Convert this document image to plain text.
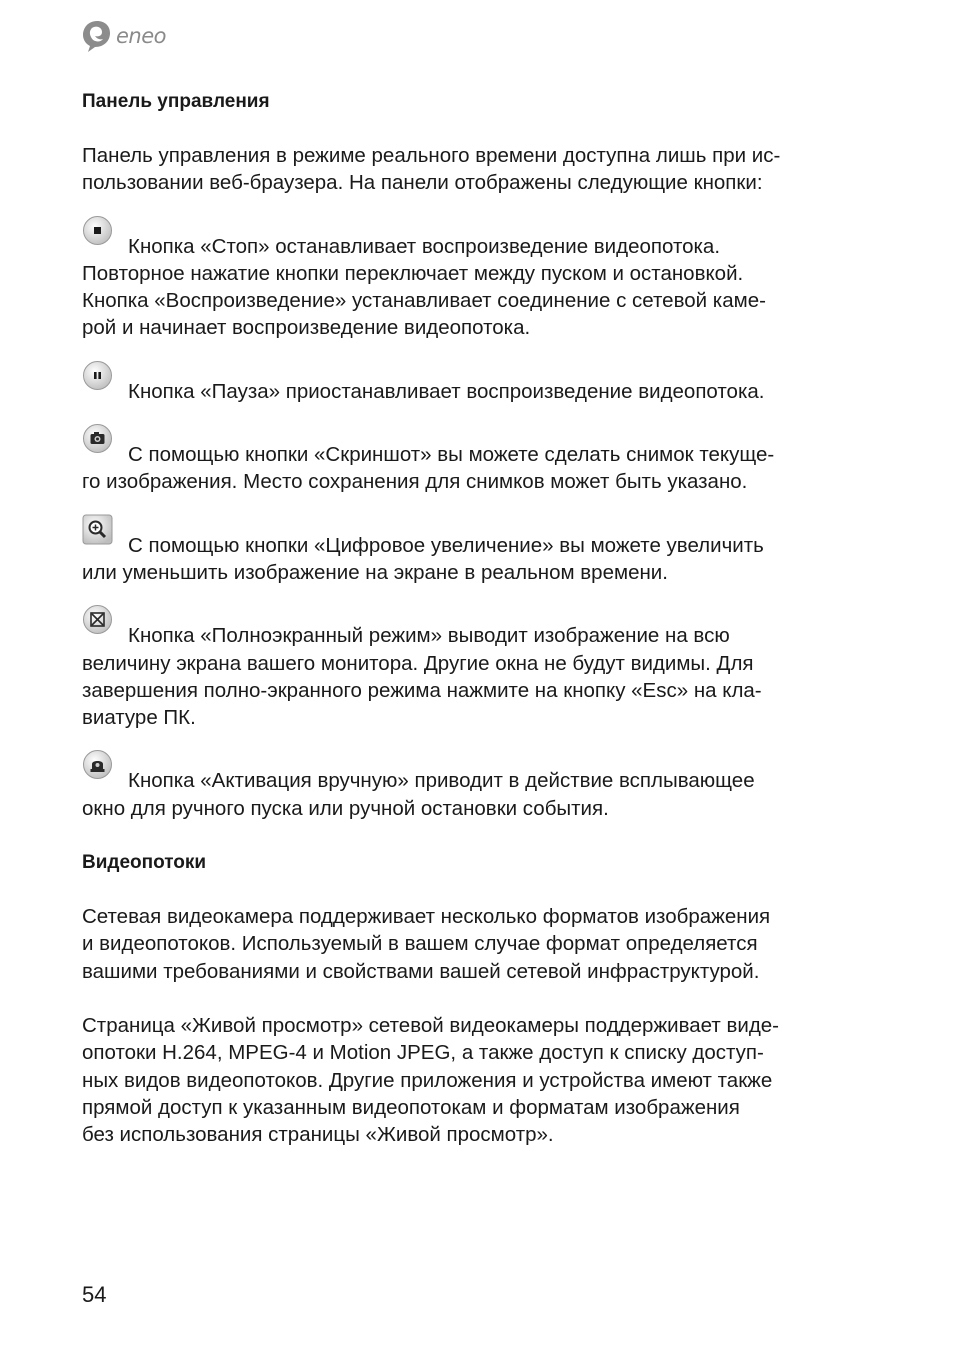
eneo
Панель управления

Панель управления в режиме реального времени доступна лишь при ис-
пользовании веб-браузера. На панели отображены следующие кнопки:

Кнопка «Стоп» останавливает воспроизведение видеопотока.
Повторное нажатие кнопки переключает между пуском и остановкой.
Кнопка «Воспроизведение» устанавливает соединение с сетевой каме-
рой и начинает воспроизведение видеопотока.

Кнопка «Пауза» приостанавливает воспроизведение видеопотока.

С помощью кнопки «Скриншот» вы можете сделать снимок текуще-
го изображения. Место сохранения для снимков может быть указано.

С помощью кнопки «Цифровое увеличение» вы можете увеличить
или уменьшить изображение на экране в реальном времени.

Кнопка «Полноэкранный режим» выводит изображение на всю
величину экрана вашего монитора. Другие окна не будут видимы. Для
завершения полно-экранного режима нажмите на кнопку «Esc» на кла-
виатуре ПК.

Кнопка «Активация вручную» приводит в действие всплывающее
окно для ручного пуска или ручной остановки события.

Видеопотоки

Сетевая видеокамера поддерживает несколько форматов изображения
и видеопотоков. Используемый в вашем случае формат определяется
вашими требованиями и свойствами вашей сетевой инфраструктурой.

Страница «Живой просмотр» сетевой видеокамеры поддерживает виде-
опотоки H.264, MPEG-4 и Motion JPEG, а также доступ к списку доступ-
ных видов видеопотоков. Другие приложения и устройства имеют также
прямой доступ к указанным видеопотокам и форматам изображения
без использования страницы «Живой просмотр».

54
